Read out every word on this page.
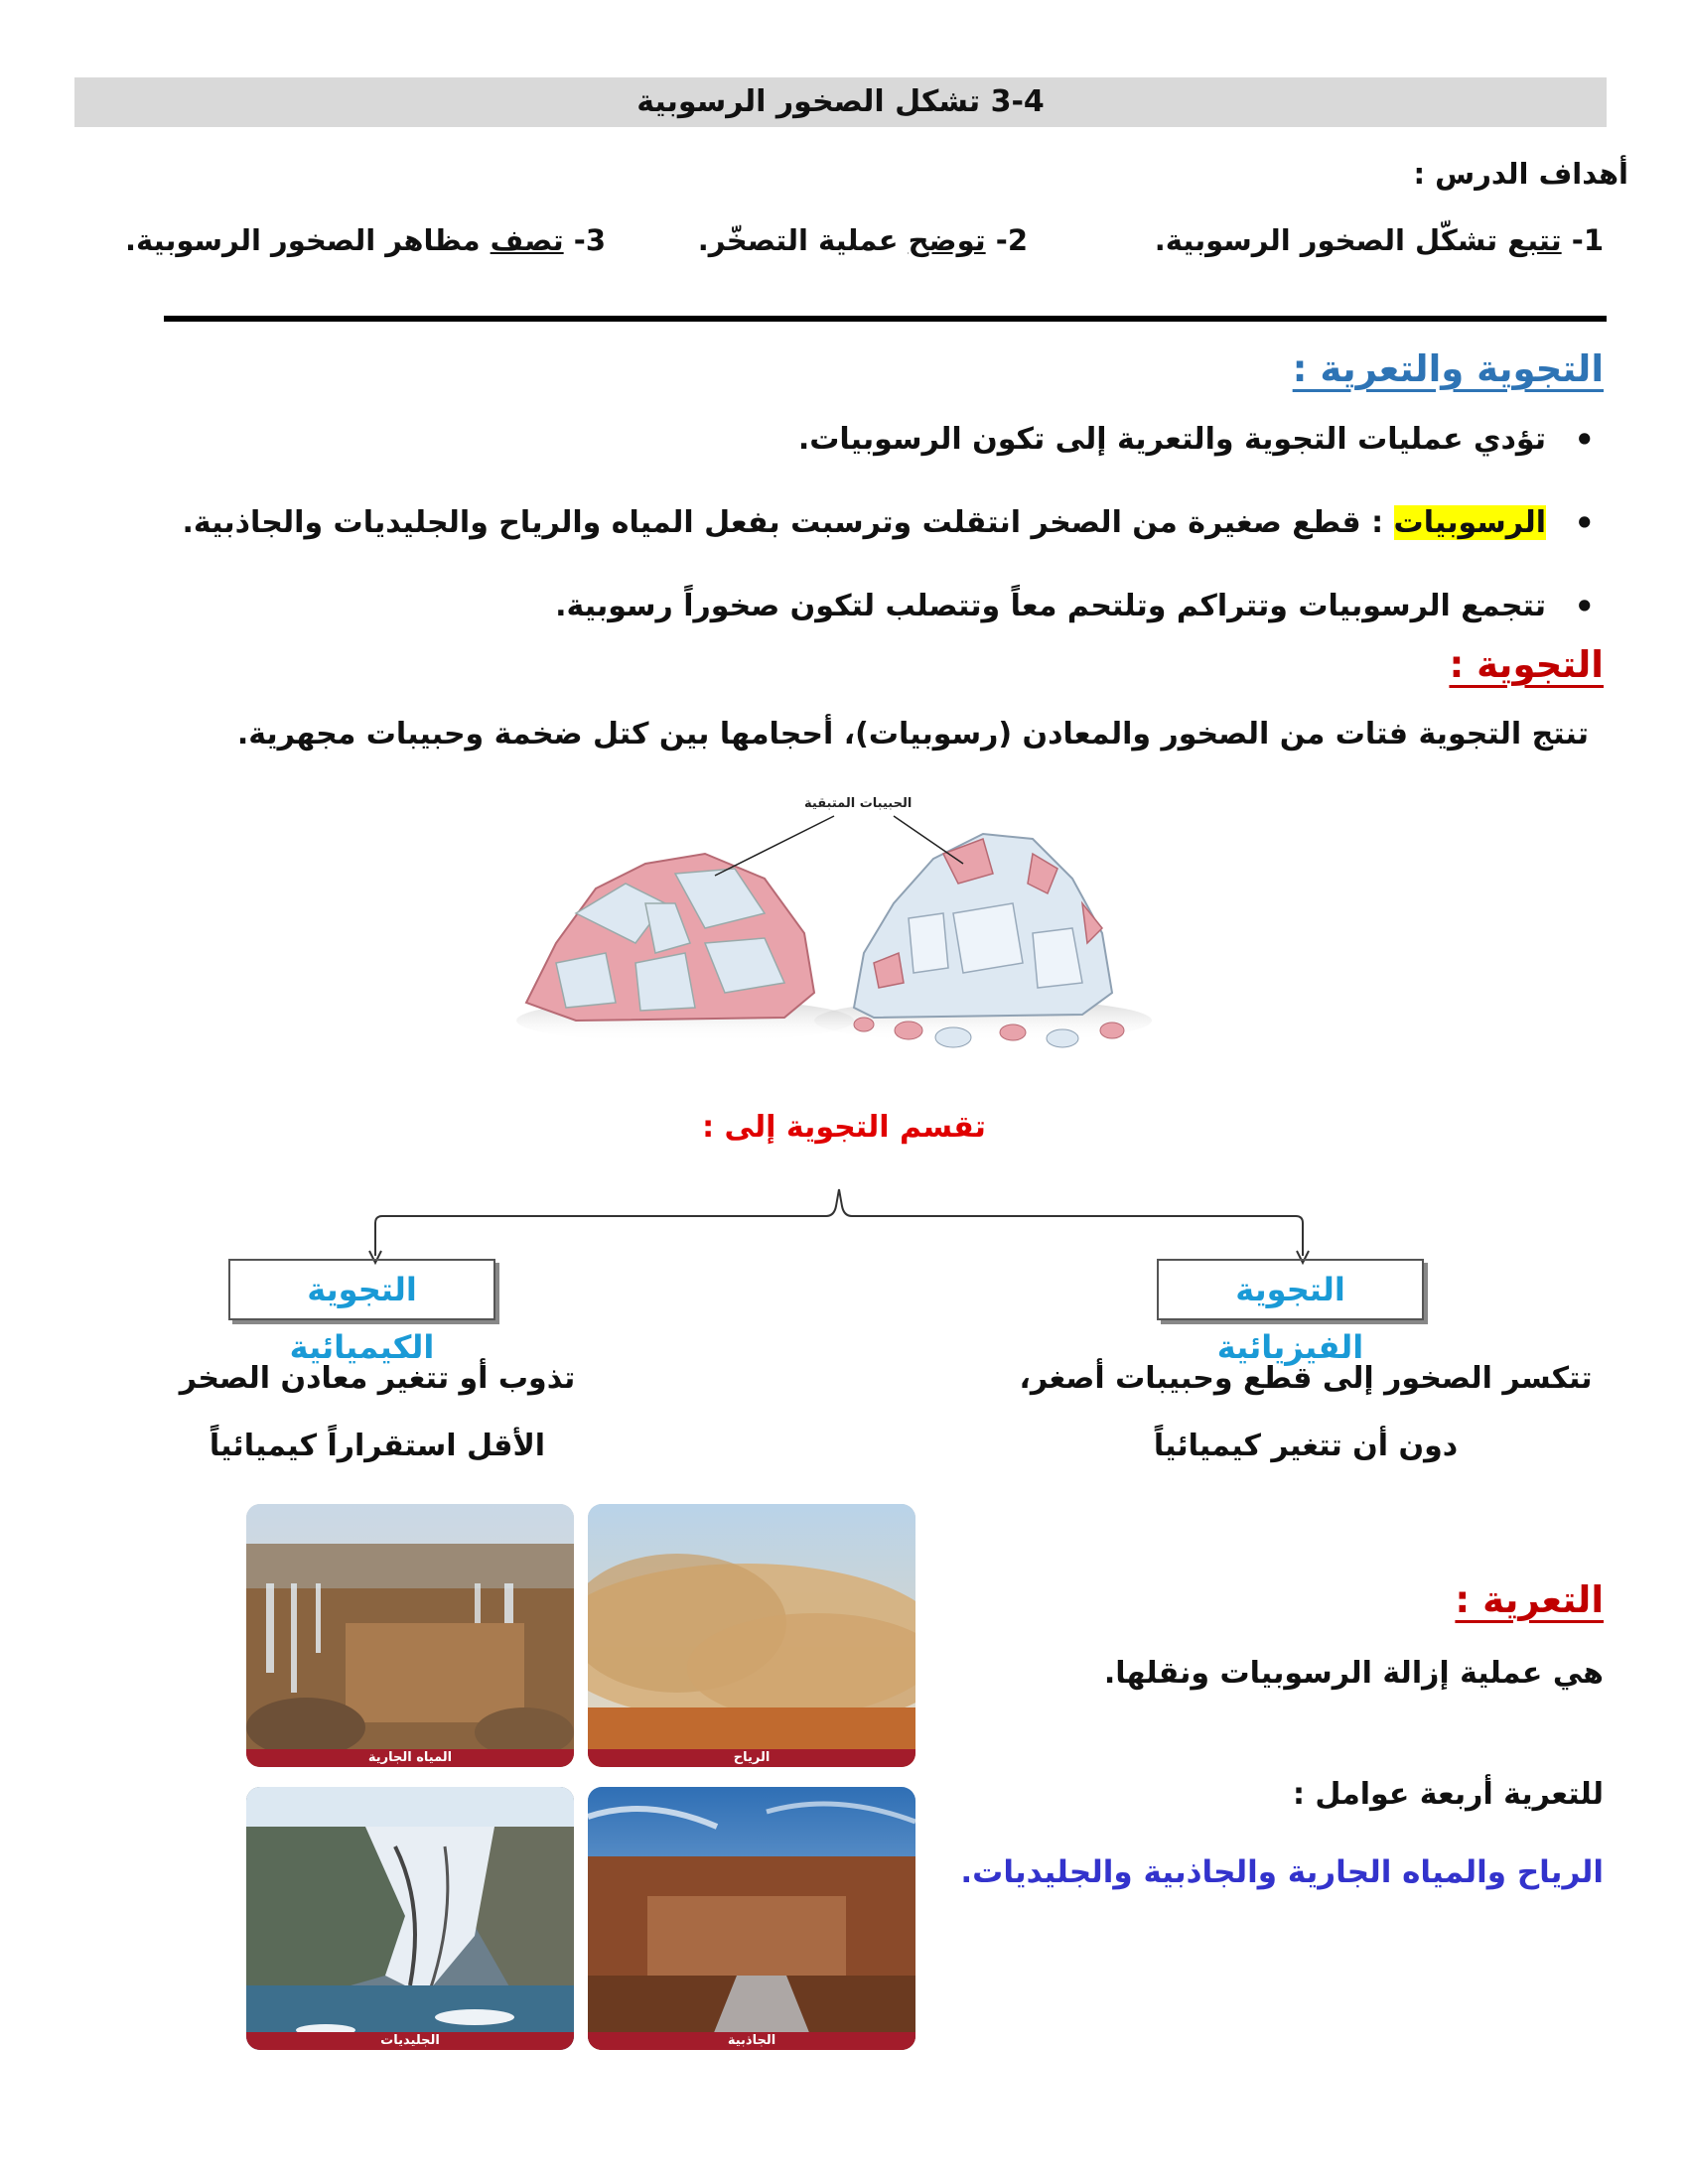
3-4 تشكل الصخور الرسوبية
أهداف الدرس :
1- تتبع تشكّل الصخور الرسوبية.
2- توضح عملية التصخّر.
3- تصف مظاهر الصخور الرسوبية.
التجوية والتعرية :
• تؤدي عمليات التجوية والتعرية إلى تكون الرسوبيات.
• الرسوبيات : قطع صغيرة من الصخر انتقلت وترسبت بفعل المياه والرياح والجليديات والجاذبية.
• تتجمع الرسوبيات وتتراكم وتلتحم معاً وتتصلب لتكون صخوراً رسوبية.
التجوية :
تنتج التجوية فتات من الصخور والمعادن (رسوبيات)، أحجامها بين كتل ضخمة وحبيبات مجهرية.
الحبيبات المتبقية
تقسم التجوية إلى :
التجوية الفيزيائية
التجوية الكيميائية
تتكسر الصخور إلى قطع وحبيبات أصغر،
دون أن تتغير كيميائياً
تذوب أو تتغير معادن الصخر
الأقل استقراراً كيميائياً
المياه الجارية	الرياح
الجليديات	الجاذبية
التعرية :
هي عملية إزالة الرسوبيات ونقلها.
للتعرية أربعة عوامل :
الرياح والمياه الجارية والجاذبية والجليديات.
